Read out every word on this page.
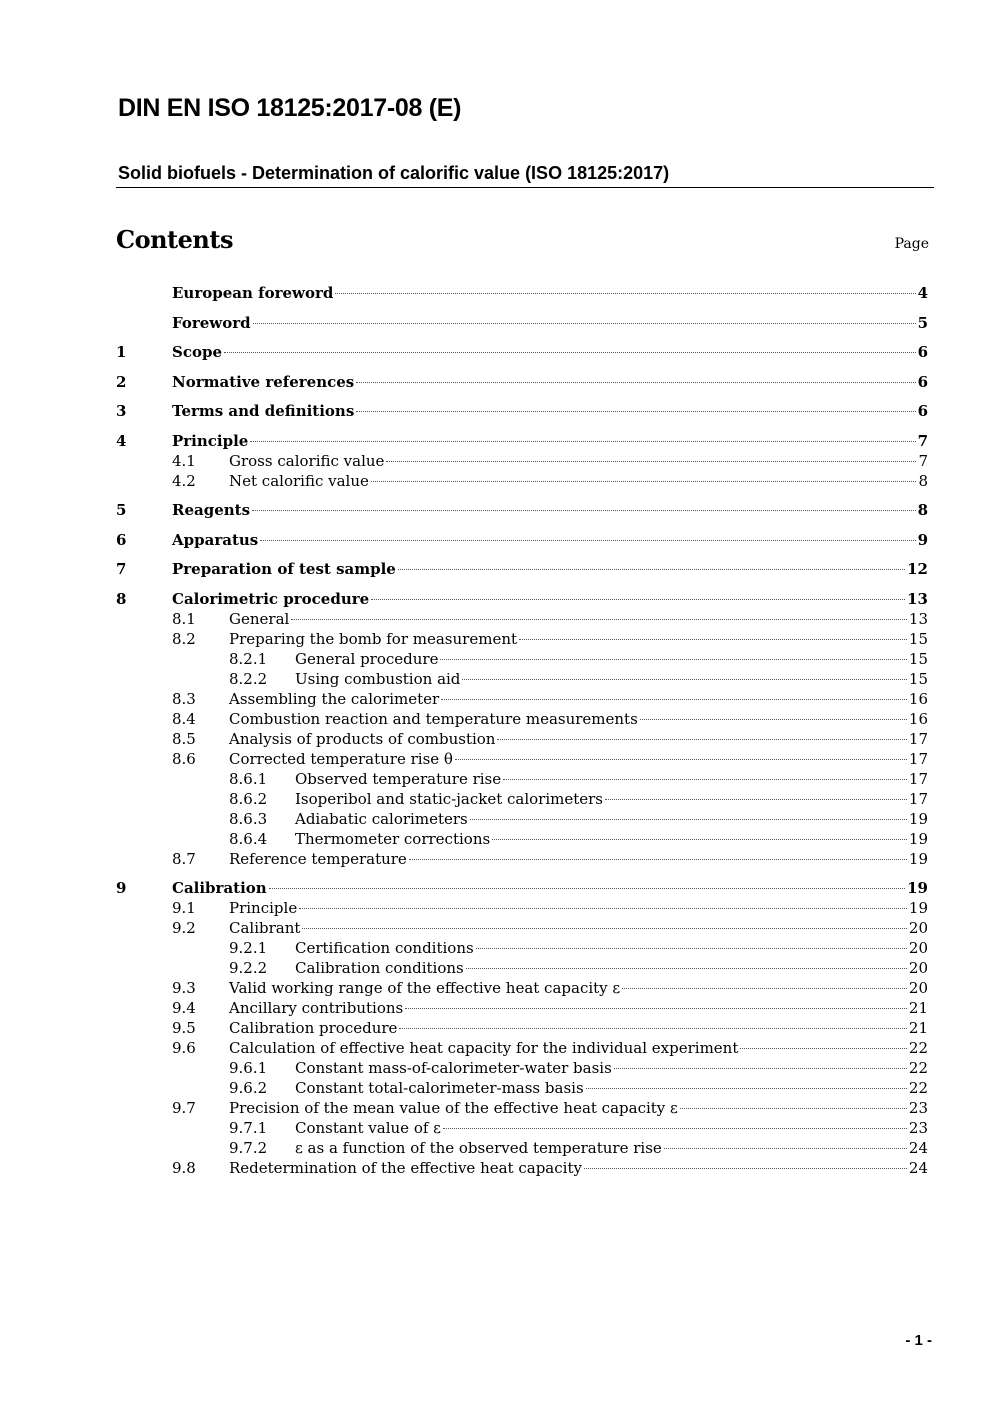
DIN EN ISO 18125:2017-08 (E)
Solid biofuels - Determination of calorific value (ISO 18125:2017)
Contents	Page
European foreword	4
Foreword	5
1	Scope	6
2	Normative references	6
3	Terms and definitions	6
4	Principle	7
4.1	Gross calorific value	7
4.2	Net calorific value	8
5	Reagents	8
6	Apparatus	9
7	Preparation of test sample	12
8	Calorimetric procedure	13
8.1	General	13
8.2	Preparing the bomb for measurement	15
8.2.1	General procedure	15
8.2.2	Using combustion aid	15
8.3	Assembling the calorimeter	16
8.4	Combustion reaction and temperature measurements	16
8.5	Analysis of products of combustion	17
8.6	Corrected temperature rise θ	17
8.6.1	Observed temperature rise	17
8.6.2	Isoperibol and static-jacket calorimeters	17
8.6.3	Adiabatic calorimeters	19
8.6.4	Thermometer corrections	19
8.7	Reference temperature	19
9	Calibration	19
9.1	Principle	19
9.2	Calibrant	20
9.2.1	Certification conditions	20
9.2.2	Calibration conditions	20
9.3	Valid working range of the effective heat capacity ε	20
9.4	Ancillary contributions	21
9.5	Calibration procedure	21
9.6	Calculation of effective heat capacity for the individual experiment	22
9.6.1	Constant mass-of-calorimeter-water basis	22
9.6.2	Constant total-calorimeter-mass basis	22
9.7	Precision of the mean value of the effective heat capacity ε	23
9.7.1	Constant value of ε	23
9.7.2	ε as a function of the observed temperature rise	24
9.8	Redetermination of the effective heat capacity	24
- 1 -
